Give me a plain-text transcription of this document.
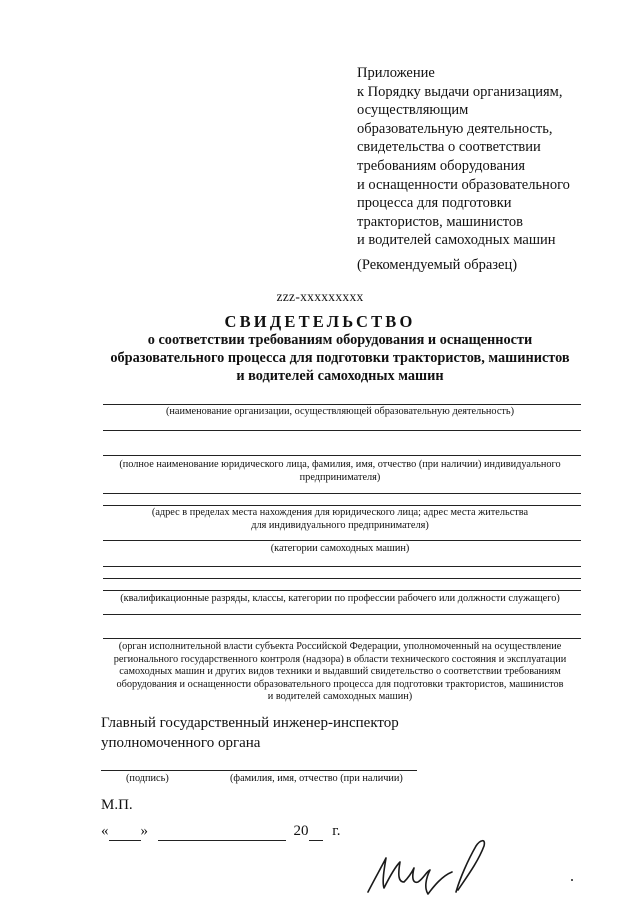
Приложение
к Порядку выдачи организациям,
осуществляющим
образовательную деятельность,
свидетельства о соответствии
требованиям оборудования
и оснащенности образовательного
процесса для подготовки
трактористов, машинистов
и водителей самоходных машин
(Рекомендуемый образец)
zzz-xxxxxxxxx
СВИДЕТЕЛЬСТВО
о соответствии требованиям оборудования и оснащенности
образовательного процесса для подготовки трактористов, машинистов
и водителей самоходных машин
(наименование организации, осуществляющей образовательную деятельность)
(полное наименование юридического лица, фамилия, имя, отчество (при наличии) индивидуального
предпринимателя)
(адрес в пределах места нахождения для юридического лица; адрес места жительства
для индивидуального предпринимателя)
(категории самоходных машин)
(квалификационные разряды, классы, категории по профессии рабочего или должности служащего)
(орган исполнительной власти субъекта Российской Федерации, уполномоченный на осуществление
регионального государственного контроля (надзора) в области технического состояния и эксплуатации
самоходных машин и других видов техники и выдавший свидетельство о соответствии требованиям
оборудования и оснащенности образовательного процесса для подготовки трактористов, машинистов
и водителей самоходных машин)
Главный государственный инженер-инспектор
уполномоченного органа
(подпись)	(фамилия, имя, отчество (при наличии)
М.П.
« »	20 г.
